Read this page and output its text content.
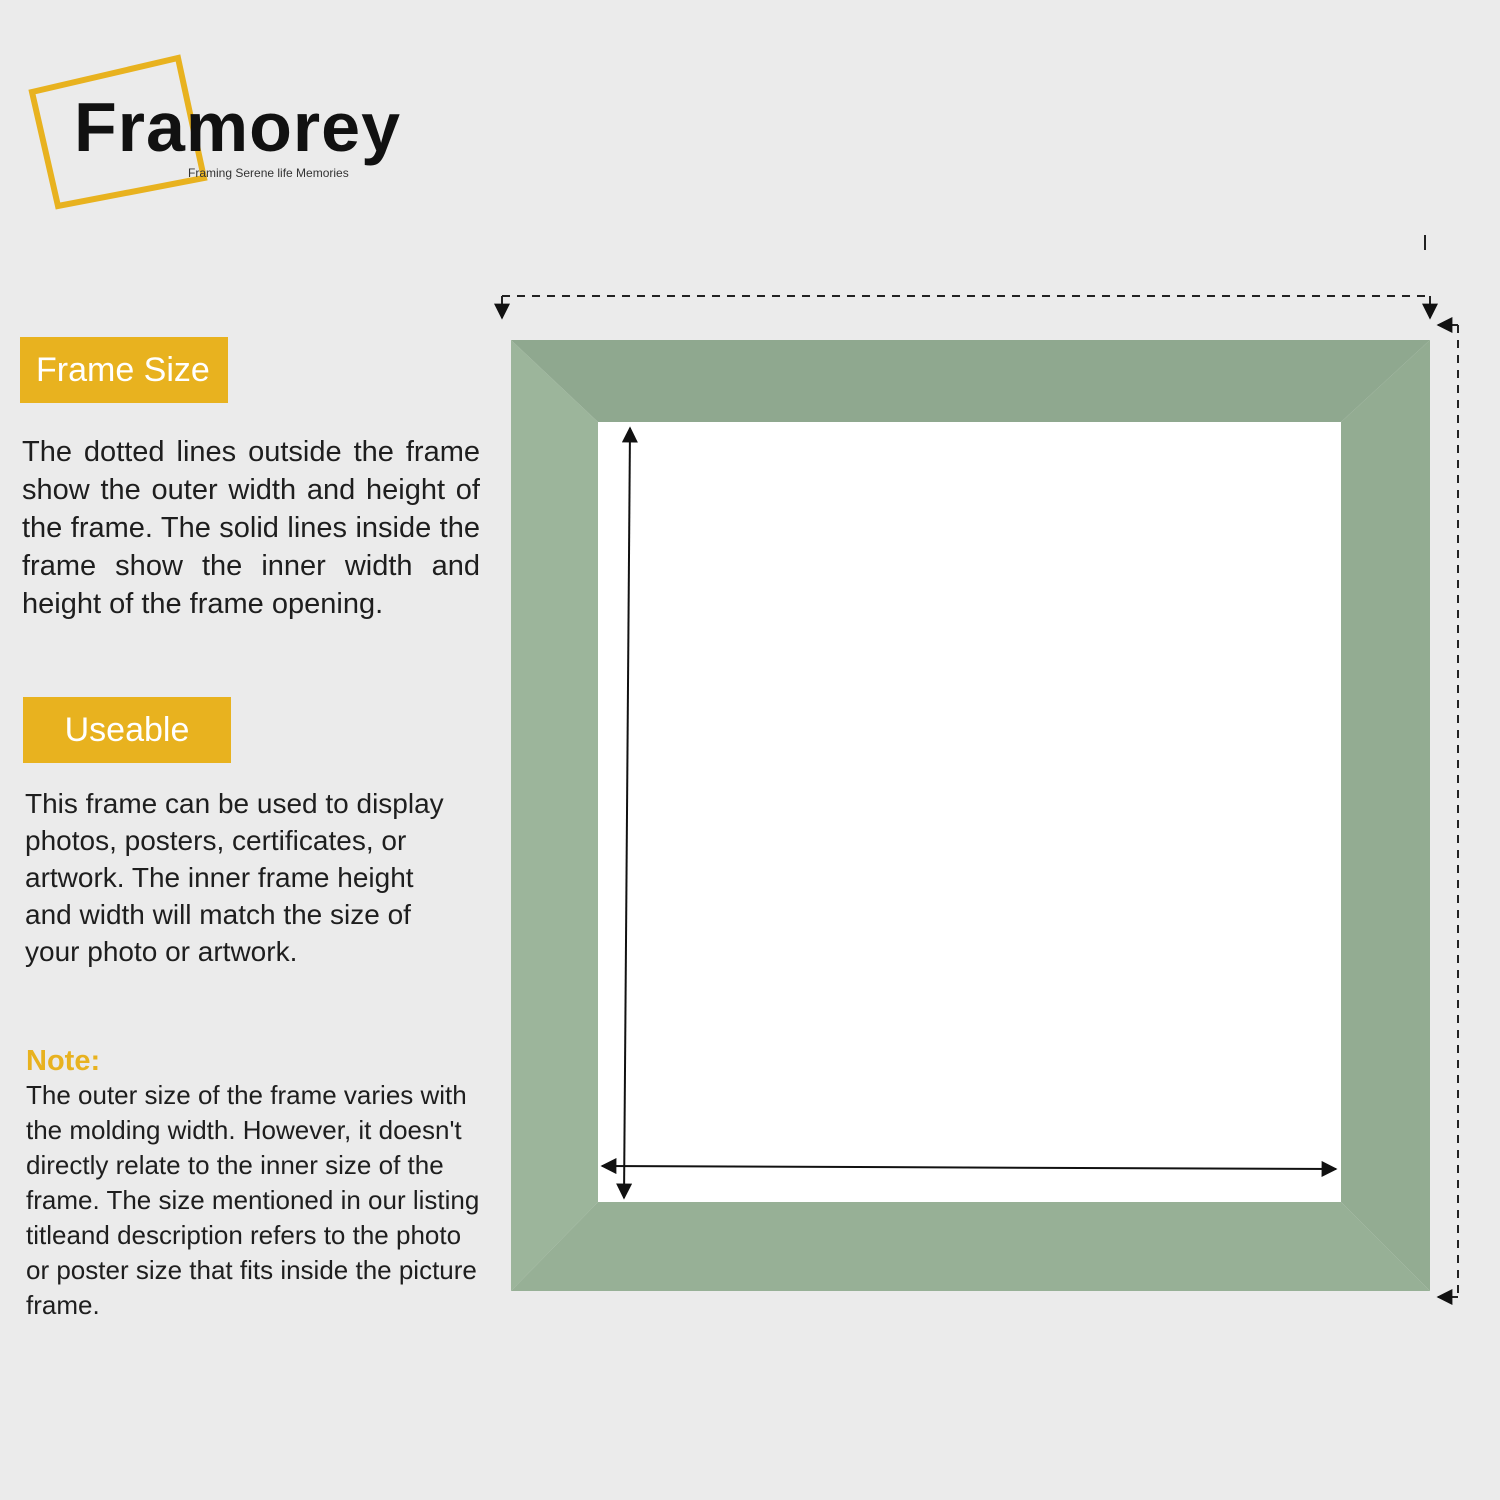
Framorey
Framing Serene life Memories
Frame Size

The dotted lines outside the frame show the outer width and height of the frame. The solid lines inside the frame show the inner width and height of the frame opening.

Useable

This frame can be used to display photos, posters, certificates, or artwork. The inner frame height and width will match the size of your photo or artwork.

Note:

The outer size of the frame varies with the molding width. However, it doesn't directly relate to the inner size of the frame. The size mentioned in our listing titleand description refers to the photo or poster size that fits inside the picture frame.
